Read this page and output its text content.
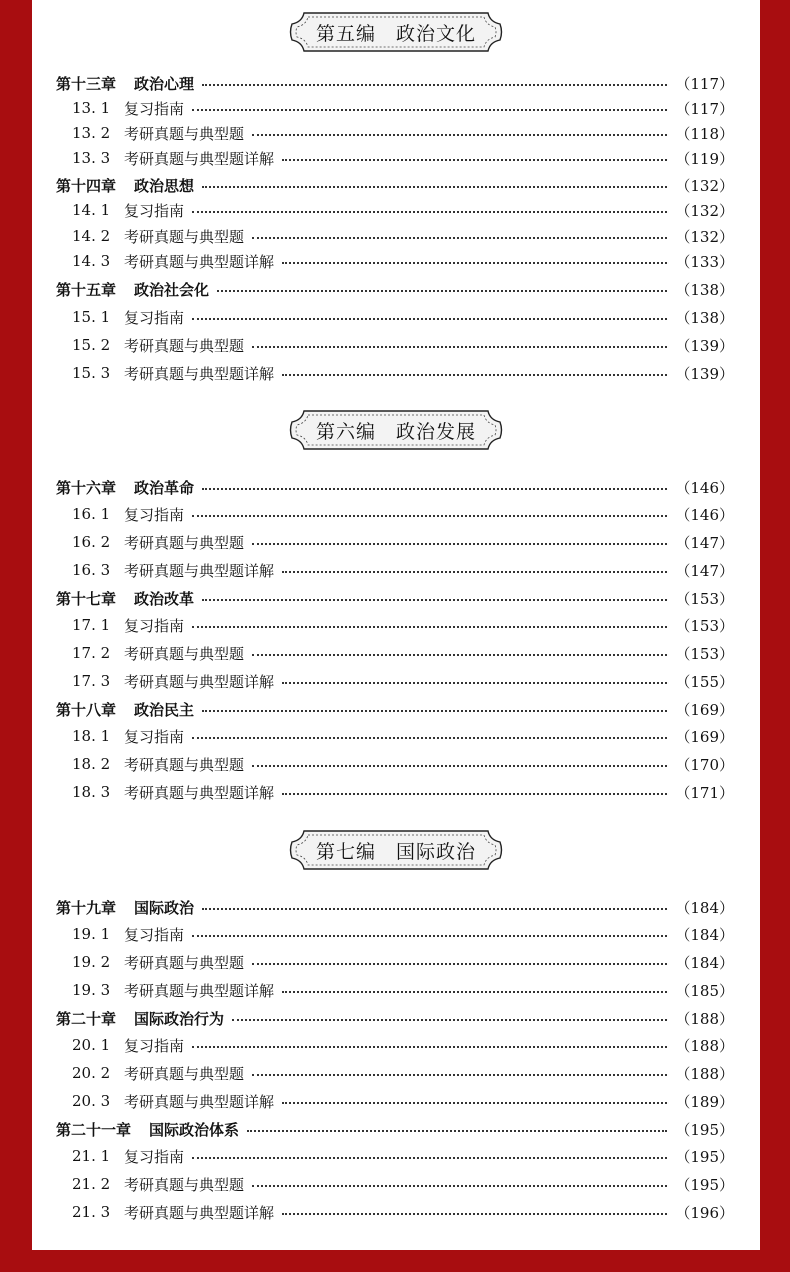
第五编　政治文化
第十三章 政治心理	（117）
13. 1 复习指南	（117）
13. 2 考研真题与典型题	（118）
13. 3 考研真题与典型题详解	（119）
第十四章 政治思想	（132）
14. 1 复习指南	（132）
14. 2 考研真题与典型题	（132）
14. 3 考研真题与典型题详解	（133）
第十五章 政治社会化	（138）
15. 1 复习指南	（138）
15. 2 考研真题与典型题	（139）
15. 3 考研真题与典型题详解	（139）
第六编　政治发展
第十六章 政治革命	（146）
16. 1 复习指南	（146）
16. 2 考研真题与典型题	（147）
16. 3 考研真题与典型题详解	（147）
第十七章 政治改革	（153）
17. 1 复习指南	（153）
17. 2 考研真题与典型题	（153）
17. 3 考研真题与典型题详解	（155）
第十八章 政治民主	（169）
18. 1 复习指南	（169）
18. 2 考研真题与典型题	（170）
18. 3 考研真题与典型题详解	（171）
第七编　国际政治
第十九章 国际政治	（184）
19. 1 复习指南	（184）
19. 2 考研真题与典型题	（184）
19. 3 考研真题与典型题详解	（185）
第二十章 国际政治行为	（188）
20. 1 复习指南	（188）
20. 2 考研真题与典型题	（188）
20. 3 考研真题与典型题详解	（189）
第二十一章 国际政治体系	（195）
21. 1 复习指南	（195）
21. 2 考研真题与典型题	（195）
21. 3 考研真题与典型题详解	（196）
